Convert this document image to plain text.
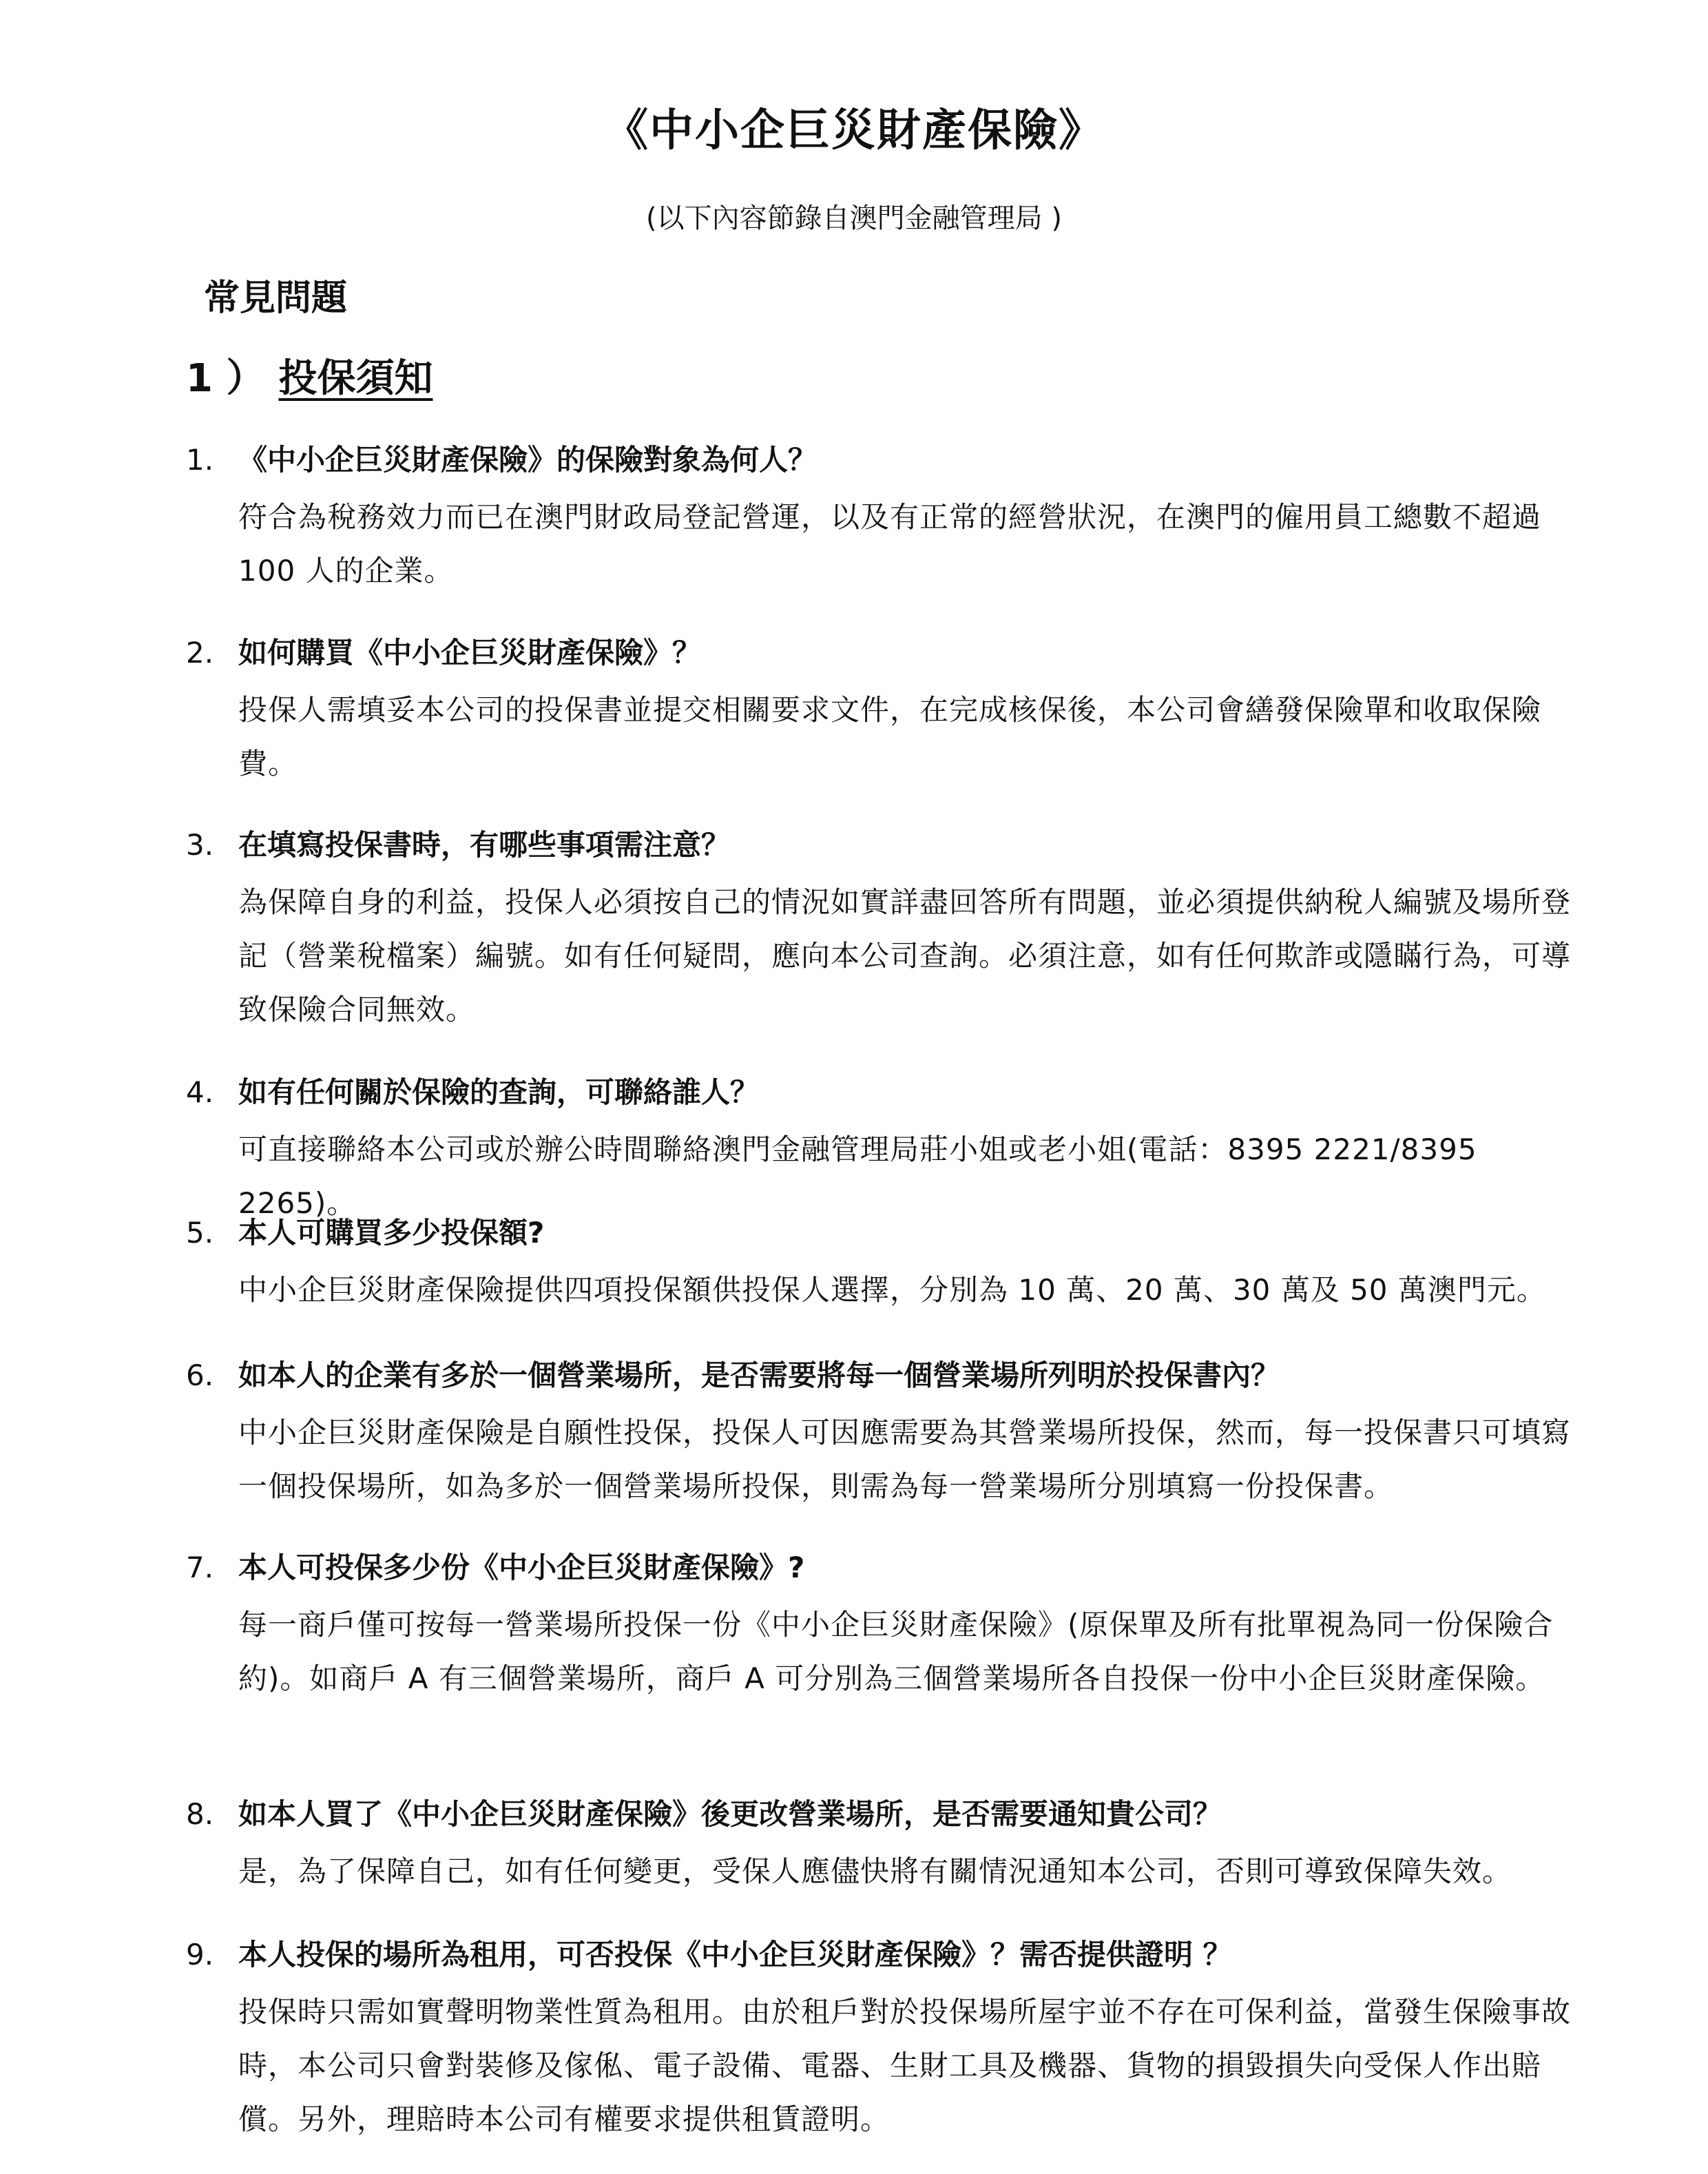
《中小企巨災財產保險》
(以下內容節錄自澳門金融管理局 )
常見問題
1 ） 投保須知
1. 《中小企巨災財產保險》的保險對象為何人？
符合為稅務效力而已在澳門財政局登記營運，以及有正常的經營狀況，在澳門的僱用員工總數不超過 100 人的企業。
2. 如何購買《中小企巨災財產保險》？
投保人需填妥本公司的投保書並提交相關要求文件，在完成核保後，本公司會繕發保險單和收取保險費。
3. 在填寫投保書時，有哪些事項需注意？
為保障自身的利益，投保人必須按自己的情況如實詳盡回答所有問題，並必須提供納稅人編號及場所登記（營業稅檔案）編號。如有任何疑問，應向本公司查詢。必須注意，如有任何欺詐或隱瞞行為，可導致保險合同無效。
4. 如有任何關於保險的查詢，可聯絡誰人？
可直接聯絡本公司或於辦公時間聯絡澳門金融管理局莊小姐或老小姐(電話：8395 2221/8395 2265)。
5. 本人可購買多少投保額?
中小企巨災財產保險提供四項投保額供投保人選擇，分別為 10 萬、20 萬、30 萬及 50 萬澳門元。
6. 如本人的企業有多於一個營業場所，是否需要將每一個營業場所列明於投保書內？
中小企巨災財產保險是自願性投保，投保人可因應需要為其營業場所投保，然而，每一投保書只可填寫一個投保場所，如為多於一個營業場所投保，則需為每一營業場所分別填寫一份投保書。
7. 本人可投保多少份《中小企巨災財產保險》?
每一商戶僅可按每一營業場所投保一份《中小企巨災財產保險》(原保單及所有批單視為同一份保險合約)。如商戶 A 有三個營業場所，商戶 A 可分別為三個營業場所各自投保一份中小企巨災財產保險。
8. 如本人買了《中小企巨災財產保險》後更改營業場所，是否需要通知貴公司？
是，為了保障自己，如有任何變更，受保人應儘快將有關情況通知本公司，否則可導致保障失效。
9. 本人投保的場所為租用，可否投保《中小企巨災財產保險》？需否提供證明 ？
投保時只需如實聲明物業性質為租用。由於租戶對於投保場所屋宇並不存在可保利益，當發生保險事故時，本公司只會對裝修及傢俬、電子設備、電器、生財工具及機器、貨物的損毀損失向受保人作出賠償。另外，理賠時本公司有權要求提供租賃證明。
